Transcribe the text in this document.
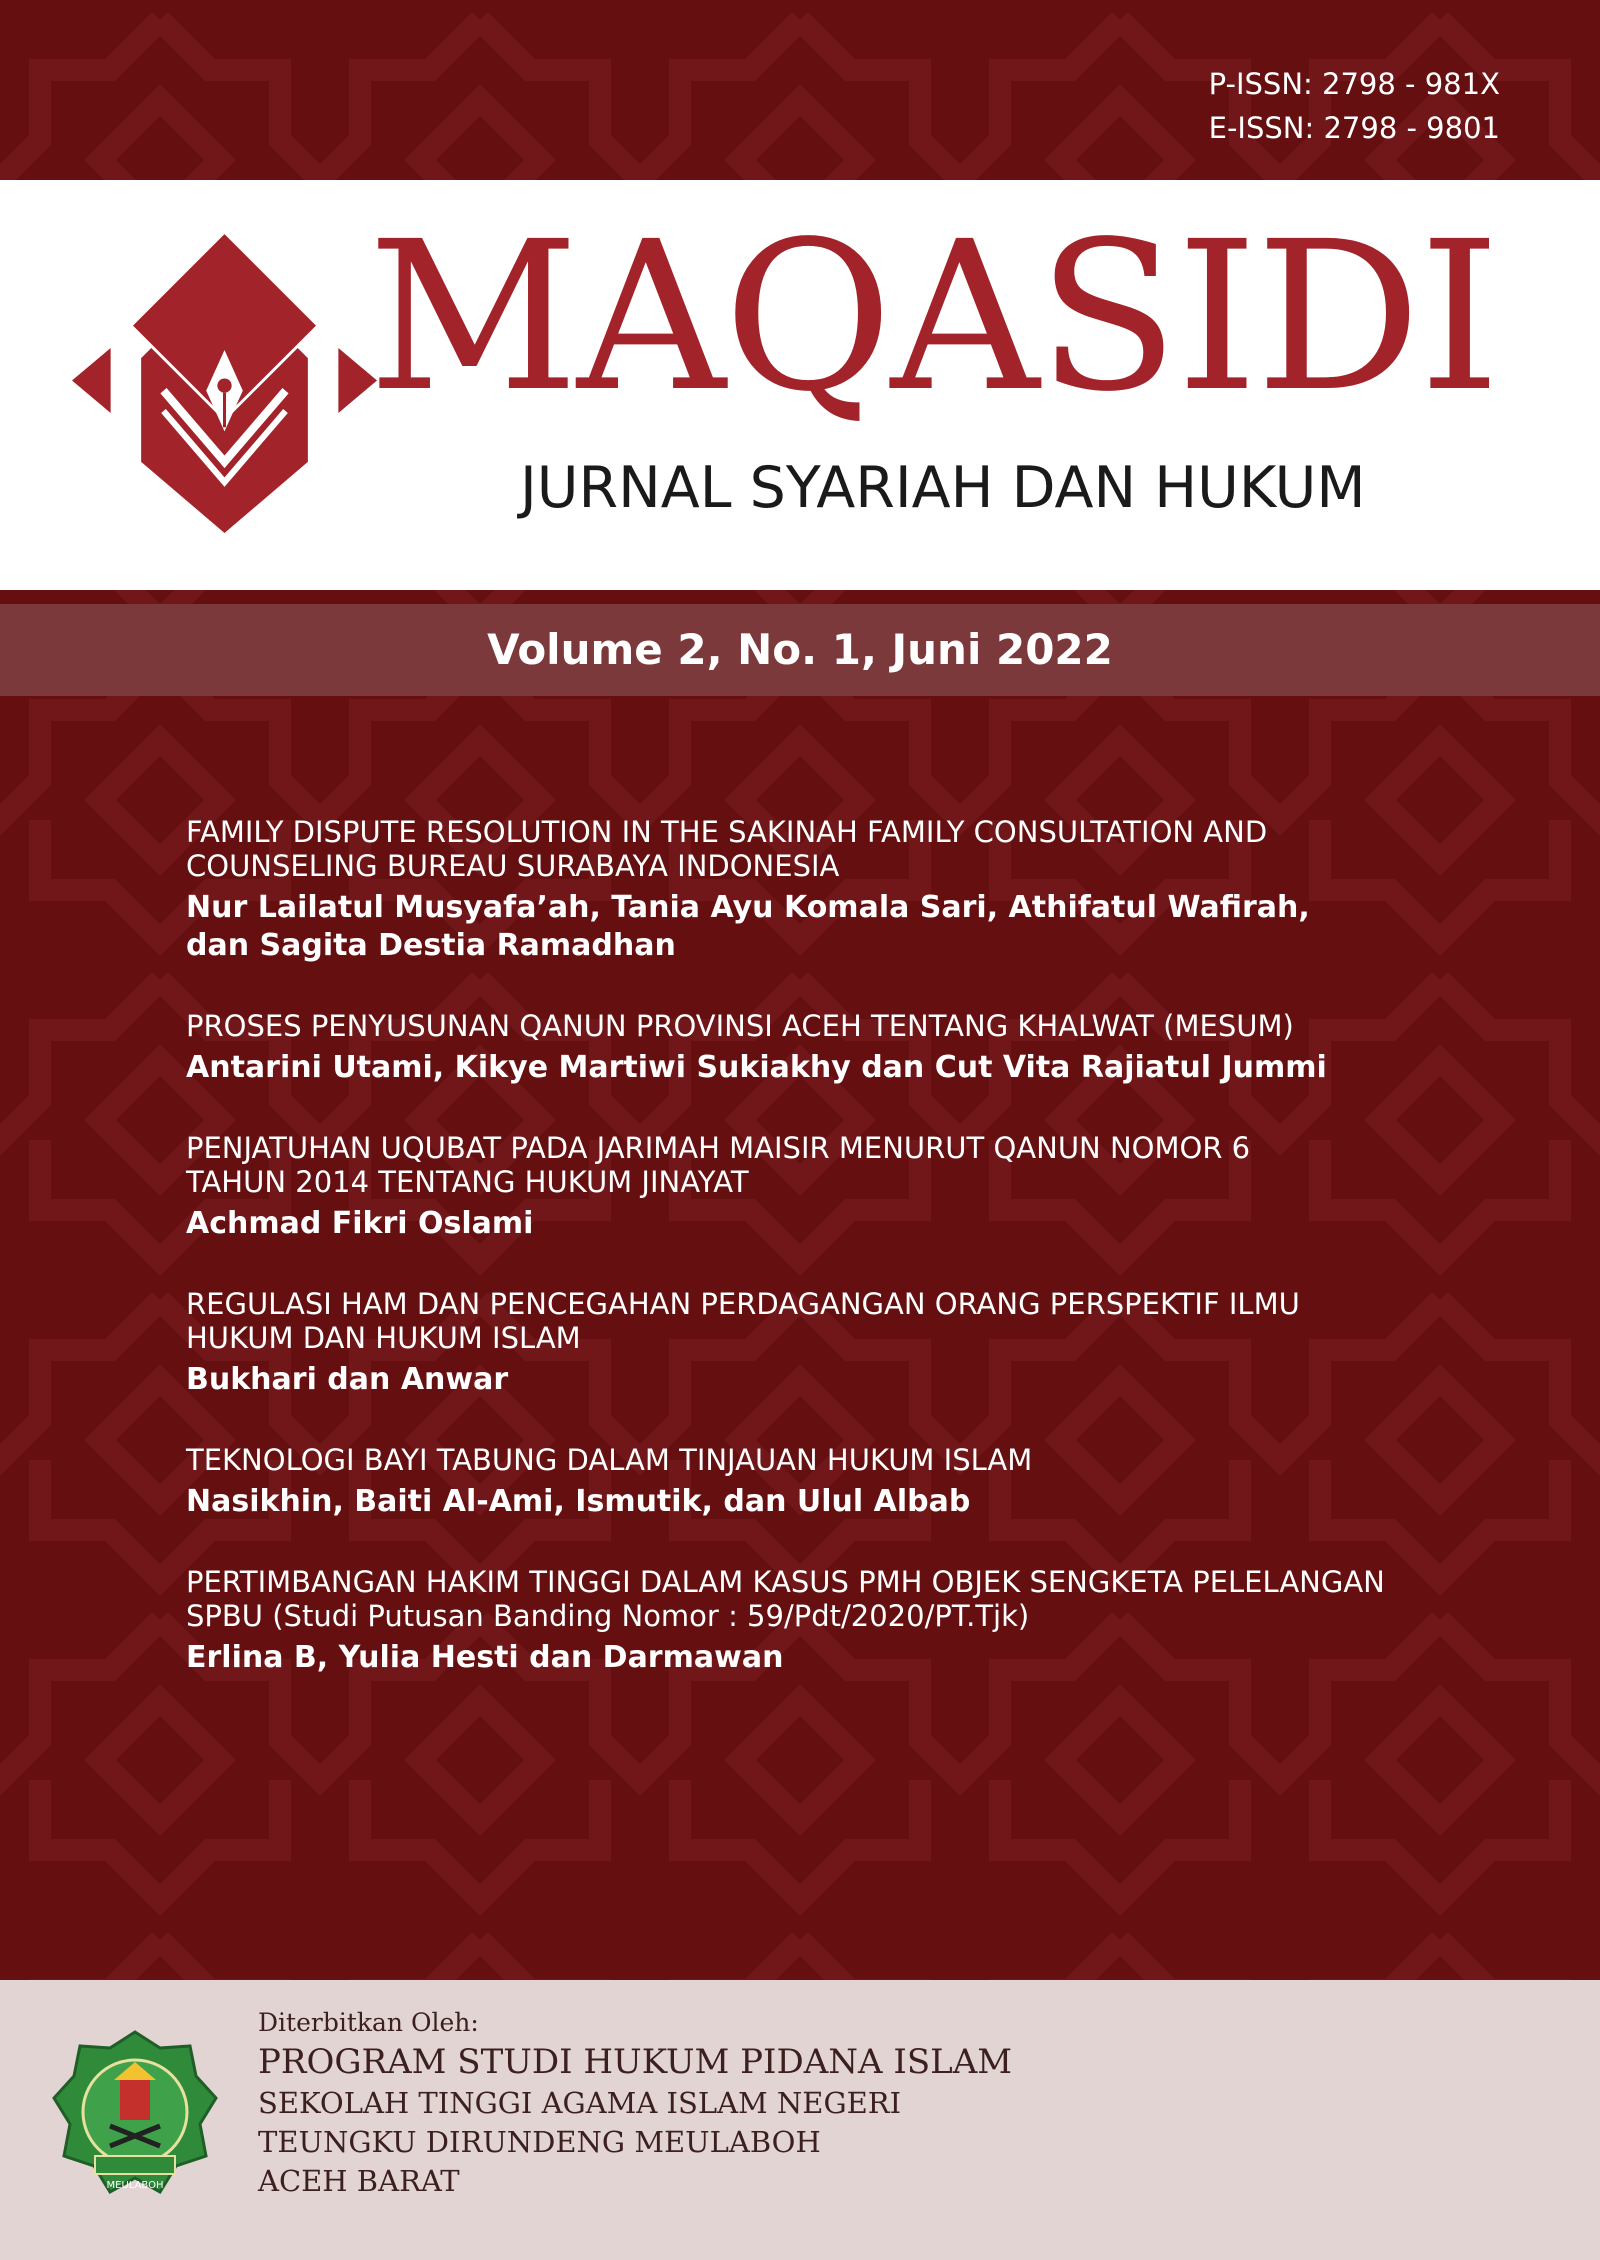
P-ISSN: 2798 - 981X
E-ISSN: 2798 - 9801
MAQASIDI
JURNAL SYARIAH DAN HUKUM
Volume 2, No. 1, Juni 2022
FAMILY DISPUTE RESOLUTION IN THE SAKINAH FAMILY CONSULTATION AND
COUNSELING BUREAU SURABAYA INDONESIA
Nur Lailatul Musyafa’ah, Tania Ayu Komala Sari, Athifatul Wafirah,
dan Sagita Destia Ramadhan
PROSES PENYUSUNAN QANUN PROVINSI ACEH TENTANG KHALWAT (MESUM)
Antarini Utami, Kikye Martiwi Sukiakhy dan Cut Vita Rajiatul Jummi
PENJATUHAN UQUBAT PADA JARIMAH MAISIR MENURUT QANUN NOMOR 6
TAHUN 2014 TENTANG HUKUM JINAYAT
Achmad Fikri Oslami
REGULASI HAM DAN PENCEGAHAN PERDAGANGAN ORANG PERSPEKTIF ILMU
HUKUM DAN HUKUM ISLAM
Bukhari dan Anwar
TEKNOLOGI BAYI TABUNG DALAM TINJAUAN HUKUM ISLAM
Nasikhin, Baiti Al-Ami, Ismutik, dan Ulul Albab
PERTIMBANGAN HAKIM TINGGI DALAM KASUS PMH OBJEK SENGKETA PELELANGAN
SPBU (Studi Putusan Banding Nomor : 59/Pdt/2020/PT.Tjk)
Erlina B, Yulia Hesti dan Darmawan
MEULABOH
Diterbitkan Oleh:
PROGRAM STUDI HUKUM PIDANA ISLAM
SEKOLAH TINGGI AGAMA ISLAM NEGERI
TEUNGKU DIRUNDENG MEULABOH
ACEH BARAT
